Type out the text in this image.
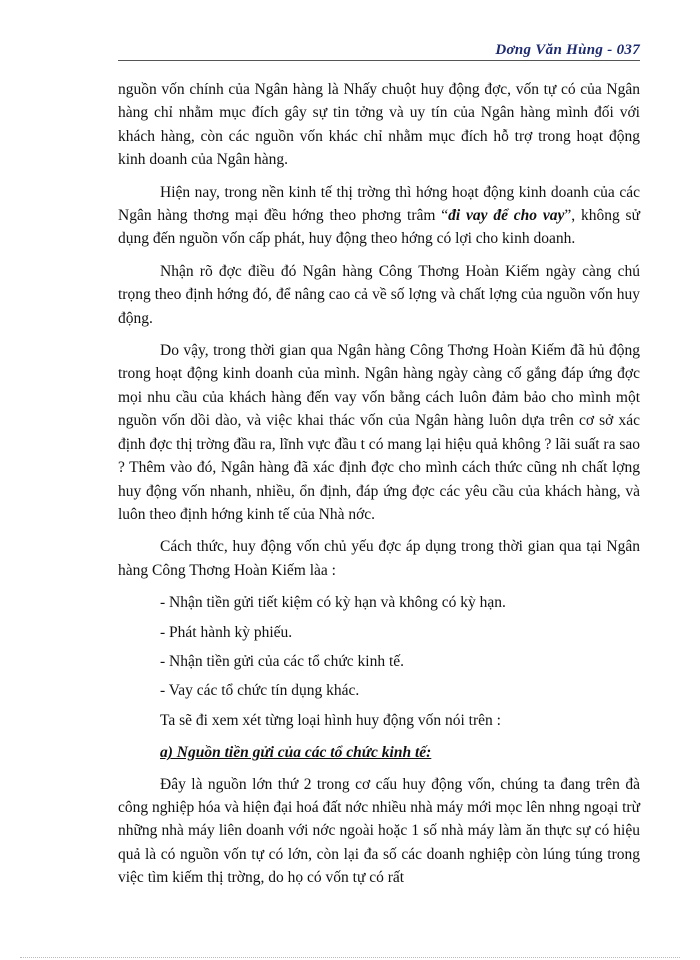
Dơng Văn Hùng - 037

nguồn vốn chính của Ngân hàng là Nhấy chuột huy động đợc, vốn tự có của Ngân hàng chỉ nhằm mục đích gây sự tin tởng và uy tín của Ngân hàng mình đối với khách hàng, còn các nguồn vốn khác chỉ nhằm mục đích hỗ trợ trong hoạt động kinh doanh của Ngân hàng.

Hiện nay, trong nền kinh tế thị trờng thì hớng hoạt động kinh doanh của các Ngân hàng thơng mại đều hớng theo phơng trâm “đi vay để cho vay”, không sử dụng đến nguồn vốn cấp phát, huy động theo hớng có lợi cho kinh doanh.

Nhận rõ đợc điều đó Ngân hàng Công Thơng Hoàn Kiếm ngày càng chú trọng theo định hớng đó, để nâng cao cả về số lợng và chất lợng của nguồn vốn huy động.

Do vậy, trong thời gian qua Ngân hàng Công Thơng Hoàn Kiếm đã hủ động trong hoạt động kinh doanh của mình. Ngân hàng ngày càng cố gắng đáp ứng đợc mọi nhu cầu của khách hàng đến vay vốn bằng cách luôn đảm bảo cho mình một nguồn vốn dồi dào, và việc khai thác vốn của Ngân hàng luôn dựa trên cơ sở xác định đợc thị trờng đầu ra, lĩnh vực đầu t có mang lại hiệu quả không ? lãi suất ra sao ? Thêm vào đó, Ngân hàng đã xác định đợc cho mình cách thức cũng nh chất lợng huy động vốn nhanh, nhiều, ổn định, đáp ứng đợc các yêu cầu của khách hàng, và luôn theo định hớng kinh tế của Nhà nớc.

Cách thức, huy động vốn chủ yếu đợc áp dụng trong thời gian qua tại Ngân hàng Công Thơng Hoàn Kiếm làa :

- Nhận tiền gửi tiết kiệm có kỳ hạn và không có kỳ hạn.

- Phát hành kỳ phiếu.

- Nhận tiền gửi của các tổ chức kinh tế.

- Vay các tổ chức tín dụng khác.

Ta sẽ đi xem xét từng loại hình huy động vốn nói trên :

a) Nguồn tiền gửi của các tổ chức kinh tế:

Đây là nguồn lớn thứ 2 trong cơ cấu huy động vốn, chúng ta đang trên đà công nghiệp hóa và hiện đại hoá đất nớc nhiều nhà máy mới mọc lên nhng ngoại trừ những nhà máy liên doanh với nớc ngoài hoặc 1 số nhà máy làm ăn thực sự có hiệu quả là có nguồn vốn tự có lớn, còn lại đa số các doanh nghiệp còn lúng túng trong việc tìm kiếm thị trờng, do họ có vốn tự có rất
